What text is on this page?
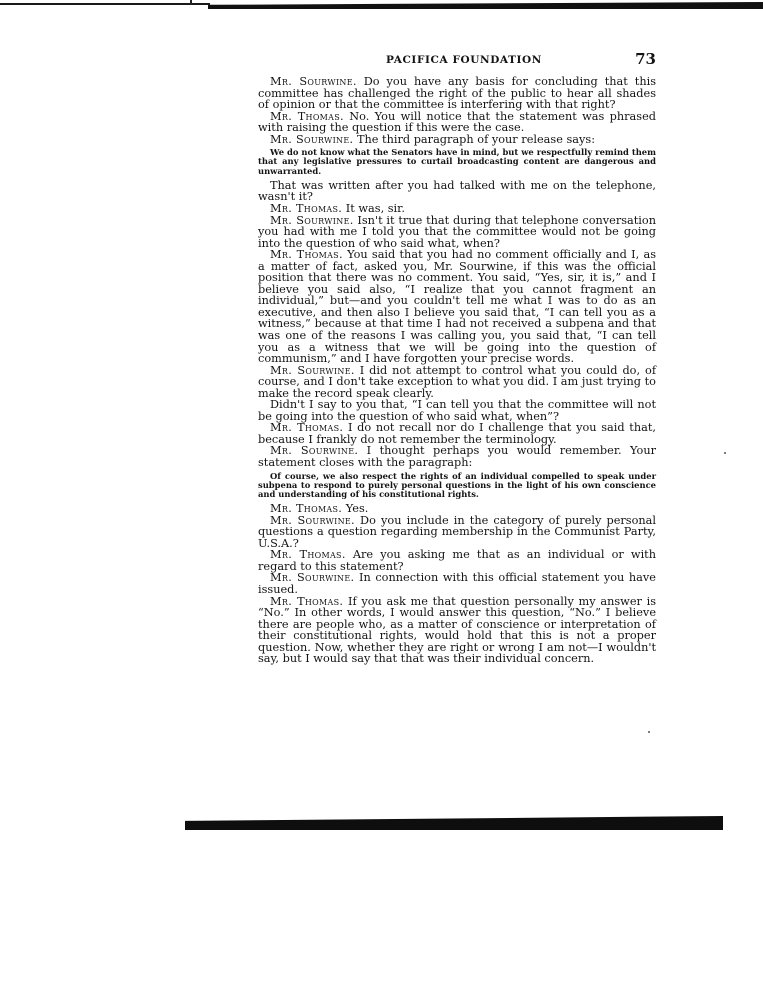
PACIFICA FOUNDATION	73

Mr. Sourwine. Do you have any basis for concluding that this committee has challenged the right of the public to hear all shades of opinion or that the committee is interfering with that right?

Mr. Thomas. No. You will notice that the statement was phrased with raising the question if this were the case.

Mr. Sourwine. The third paragraph of your release says:

We do not know what the Senators have in mind, but we respectfully remind them that any legislative pressures to curtail broadcasting content are dangerous and unwarranted.

That was written after you had talked with me on the telephone, wasn't it?

Mr. Thomas. It was, sir.

Mr. Sourwine. Isn't it true that during that telephone conversation you had with me I told you that the committee would not be going into the question of who said what, when?

Mr. Thomas. You said that you had no comment officially and I, as a matter of fact, asked you, Mr. Sourwine, if this was the official position that there was no comment. You said, “Yes, sir, it is,” and I believe you said also, “I realize that you cannot fragment an individual,” but—and you couldn't tell me what I was to do as an executive, and then also I believe you said that, “I can tell you as a witness,” because at that time I had not received a subpena and that was one of the reasons I was calling you, you said that, “I can tell you as a witness that we will be going into the question of communism,” and I have forgotten your precise words.

Mr. Sourwine. I did not attempt to control what you could do, of course, and I don't take exception to what you did. I am just trying to make the record speak clearly.

Didn't I say to you that, “I can tell you that the committee will not be going into the question of who said what, when”?

Mr. Thomas. I do not recall nor do I challenge that you said that, because I frankly do not remember the terminology.

Mr. Sourwine. I thought perhaps you would remember. Your statement closes with the paragraph:

Of course, we also respect the rights of an individual compelled to speak under subpena to respond to purely personal questions in the light of his own conscience and understanding of his constitutional rights.

Mr. Thomas. Yes.

Mr. Sourwine. Do you include in the category of purely personal questions a question regarding membership in the Communist Party, U.S.A.?

Mr. Thomas. Are you asking me that as an individual or with regard to this statement?

Mr. Sourwine. In connection with this official statement you have issued.

Mr. Thomas. If you ask me that question personally my answer is “No.” In other words, I would answer this question, “No.” I believe there are people who, as a matter of conscience or interpretation of their constitutional rights, would hold that this is not a proper question. Now, whether they are right or wrong I am not—I wouldn't say, but I would say that that was their individual concern.
